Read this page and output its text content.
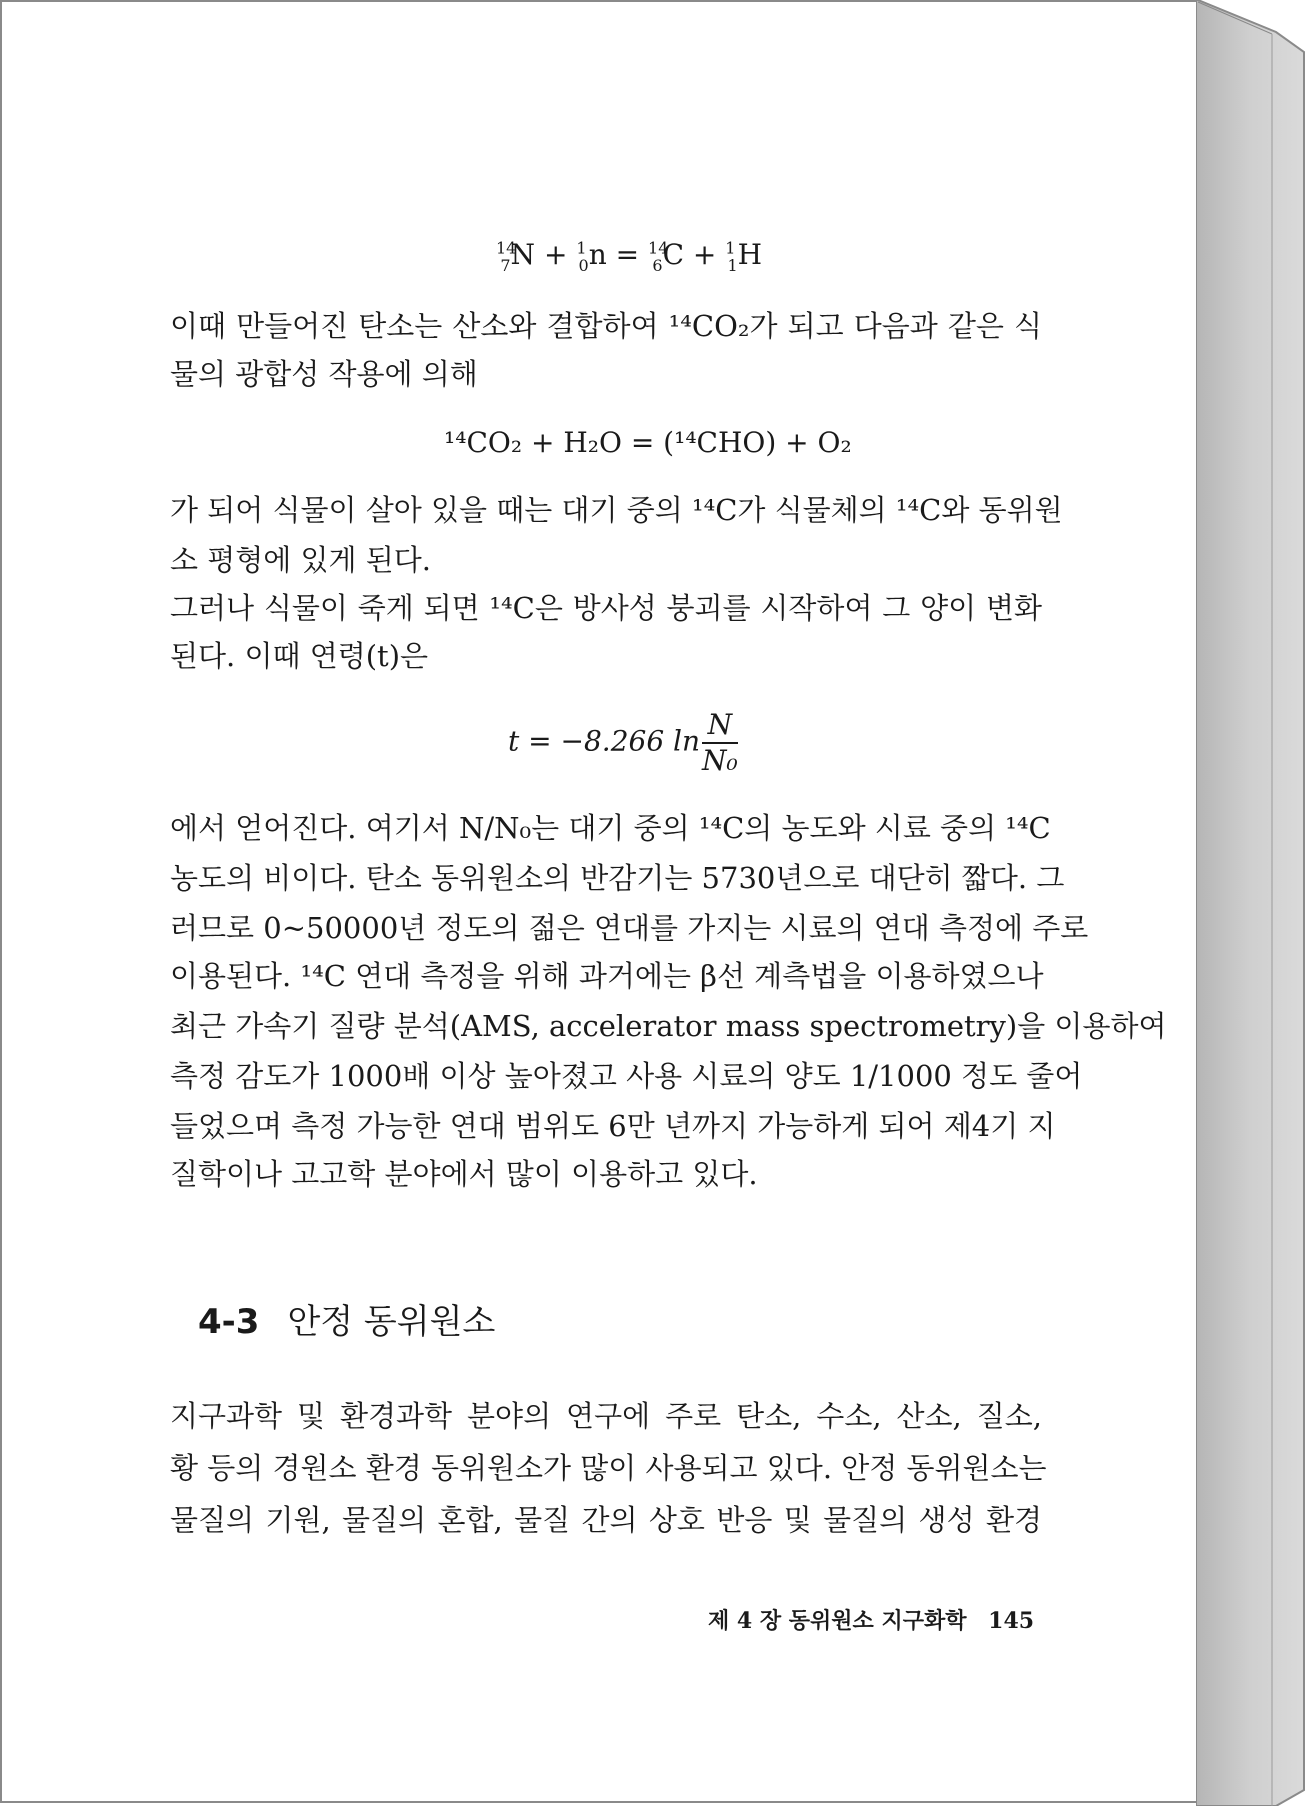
$^{14}_7$N + $^1_0$n = $^{14}_6$C + $^1_1$H
이때 만들어진 탄소는 산소와 결합하여 ¹⁴CO₂가 되고 다음과 같은 식
물의 광합성 작용에 의해
¹⁴CO₂ + H₂O = (¹⁴CHO) + O₂
가 되어 식물이 살아 있을 때는 대기 중의 ¹⁴C가 식물체의 ¹⁴C와 동위원
소 평형에 있게 된다.
그러나 식물이 죽게 되면 ¹⁴C은 방사성 붕괴를 시작하여 그 양이 변화
된다. 이때 연령(t)은
t = −8.266 $\ln \frac{N}{\text{N₀}}$
에서 얻어진다. 여기서 N/N₀는 대기 중의 ¹⁴C의 농도와 시료 중의 ¹⁴C
농도의 비이다. 탄소 동위원소의 반감기는 5730년으로 대단히 짧다. 그
러므로 0~50000년 정도의 젊은 연대를 가지는 시료의 연대 측정에 주로
이용된다. ¹⁴C 연대 측정을 위해 과거에는 β선 계측법을 이용하였으나
최근 가속기 질량 분석(AMS, accelerator mass spectrometry)을 이용하여
측정 감도가 1000배 이상 높아졌고 사용 시료의 양도 1/1000 정도 줄어
들었으며 측정 가능한 연대 범위도 6만 년까지 가능하게 되어 제4기 지
질학이나 고고학 분야에서 많이 이용하고 있다.
4-3 안정 동위원소
지구과학 및 환경과학 분야의 연구에 주로 탄소, 수소, 산소, 질소,
황 등의 경원소 환경 동위원소가 많이 사용되고 있다. 안정 동위원소는
물질의 기원, 물질의 혼합, 물질 간의 상호 반응 및 물질의 생성 환경
제 4 장 동위원소 지구화학 145
